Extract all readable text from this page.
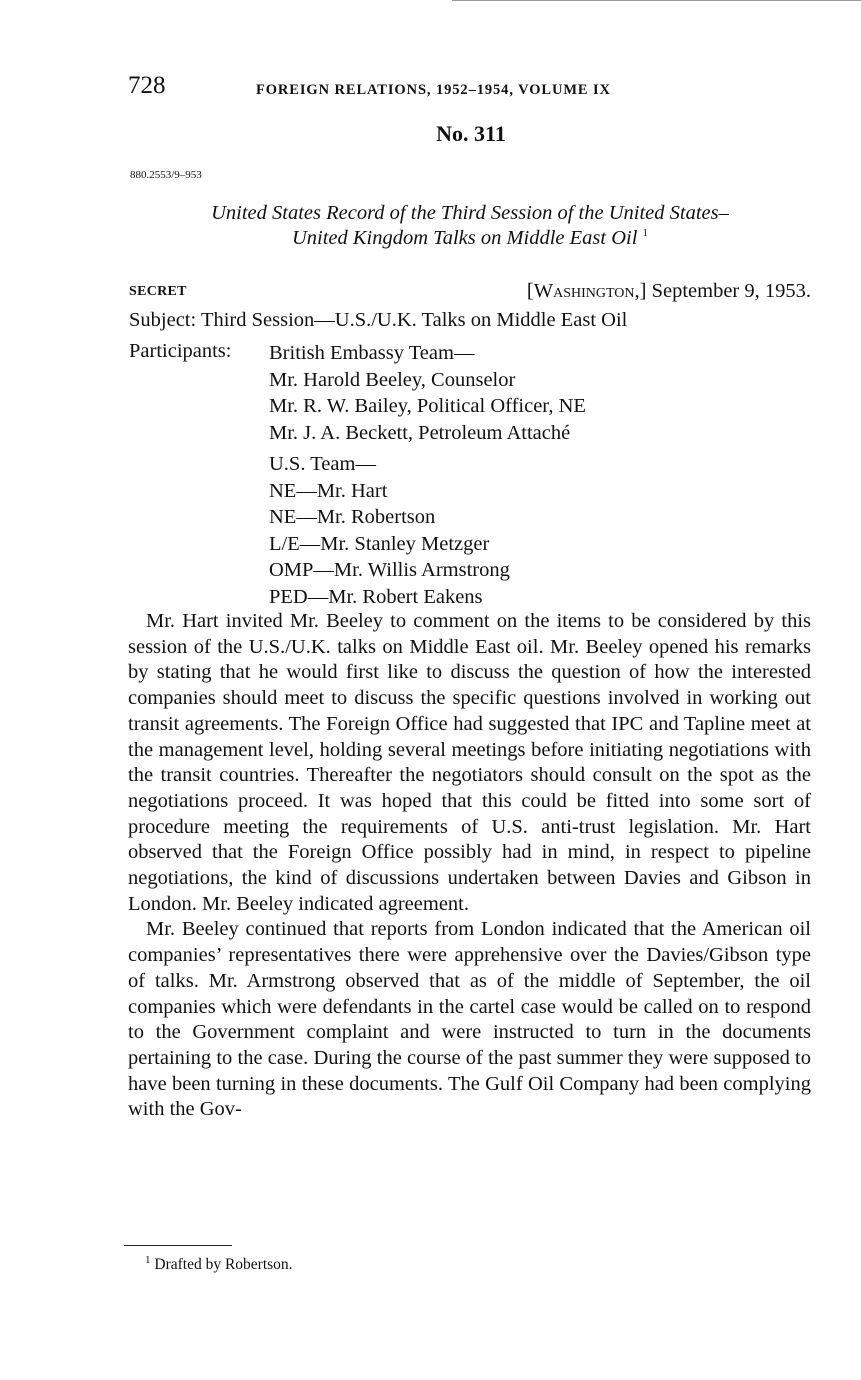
728	FOREIGN RELATIONS, 1952–1954, VOLUME IX
No. 311
880.2553/9–953
United States Record of the Third Session of the United States–
United Kingdom Talks on Middle East Oil $^1$
SECRET	[Washington,] September 9, 1953.
Subject: Third Session—U.S./U.K. Talks on Middle East Oil
Participants: British Embassy Team—
Mr. Harold Beeley, Counselor
Mr. R. W. Bailey, Political Officer, NE
Mr. J. A. Beckett, Petroleum Attaché
U.S. Team—
NE—Mr. Hart
NE—Mr. Robertson
L/E—Mr. Stanley Metzger
OMP—Mr. Willis Armstrong
PED—Mr. Robert Eakens

Mr. Hart invited Mr. Beeley to comment on the items to be considered by this session of the U.S./U.K. talks on Middle East oil. Mr. Beeley opened his remarks by stating that he would first like to discuss the question of how the interested companies should meet to discuss the specific questions involved in working out transit agreements. The Foreign Office had suggested that IPC and Tapline meet at the management level, holding several meetings before initiating negotiations with the transit countries. Thereafter the negotiators should consult on the spot as the negotiations proceed. It was hoped that this could be fitted into some sort of procedure meeting the requirements of U.S. anti-trust legislation. Mr. Hart observed that the Foreign Office possibly had in mind, in respect to pipeline negotiations, the kind of discussions undertaken between Davies and Gibson in London. Mr. Beeley indicated agreement.

Mr. Beeley continued that reports from London indicated that the American oil companies’ representatives there were apprehensive over the Davies/Gibson type of talks. Mr. Armstrong observed that as of the middle of September, the oil companies which were defendants in the cartel case would be called on to respond to the Government complaint and were instructed to turn in the documents pertaining to the case. During the course of the past summer they were supposed to have been turning in these documents. The Gulf Oil Company had been complying with the Gov-

$^1$ Drafted by Robertson.
